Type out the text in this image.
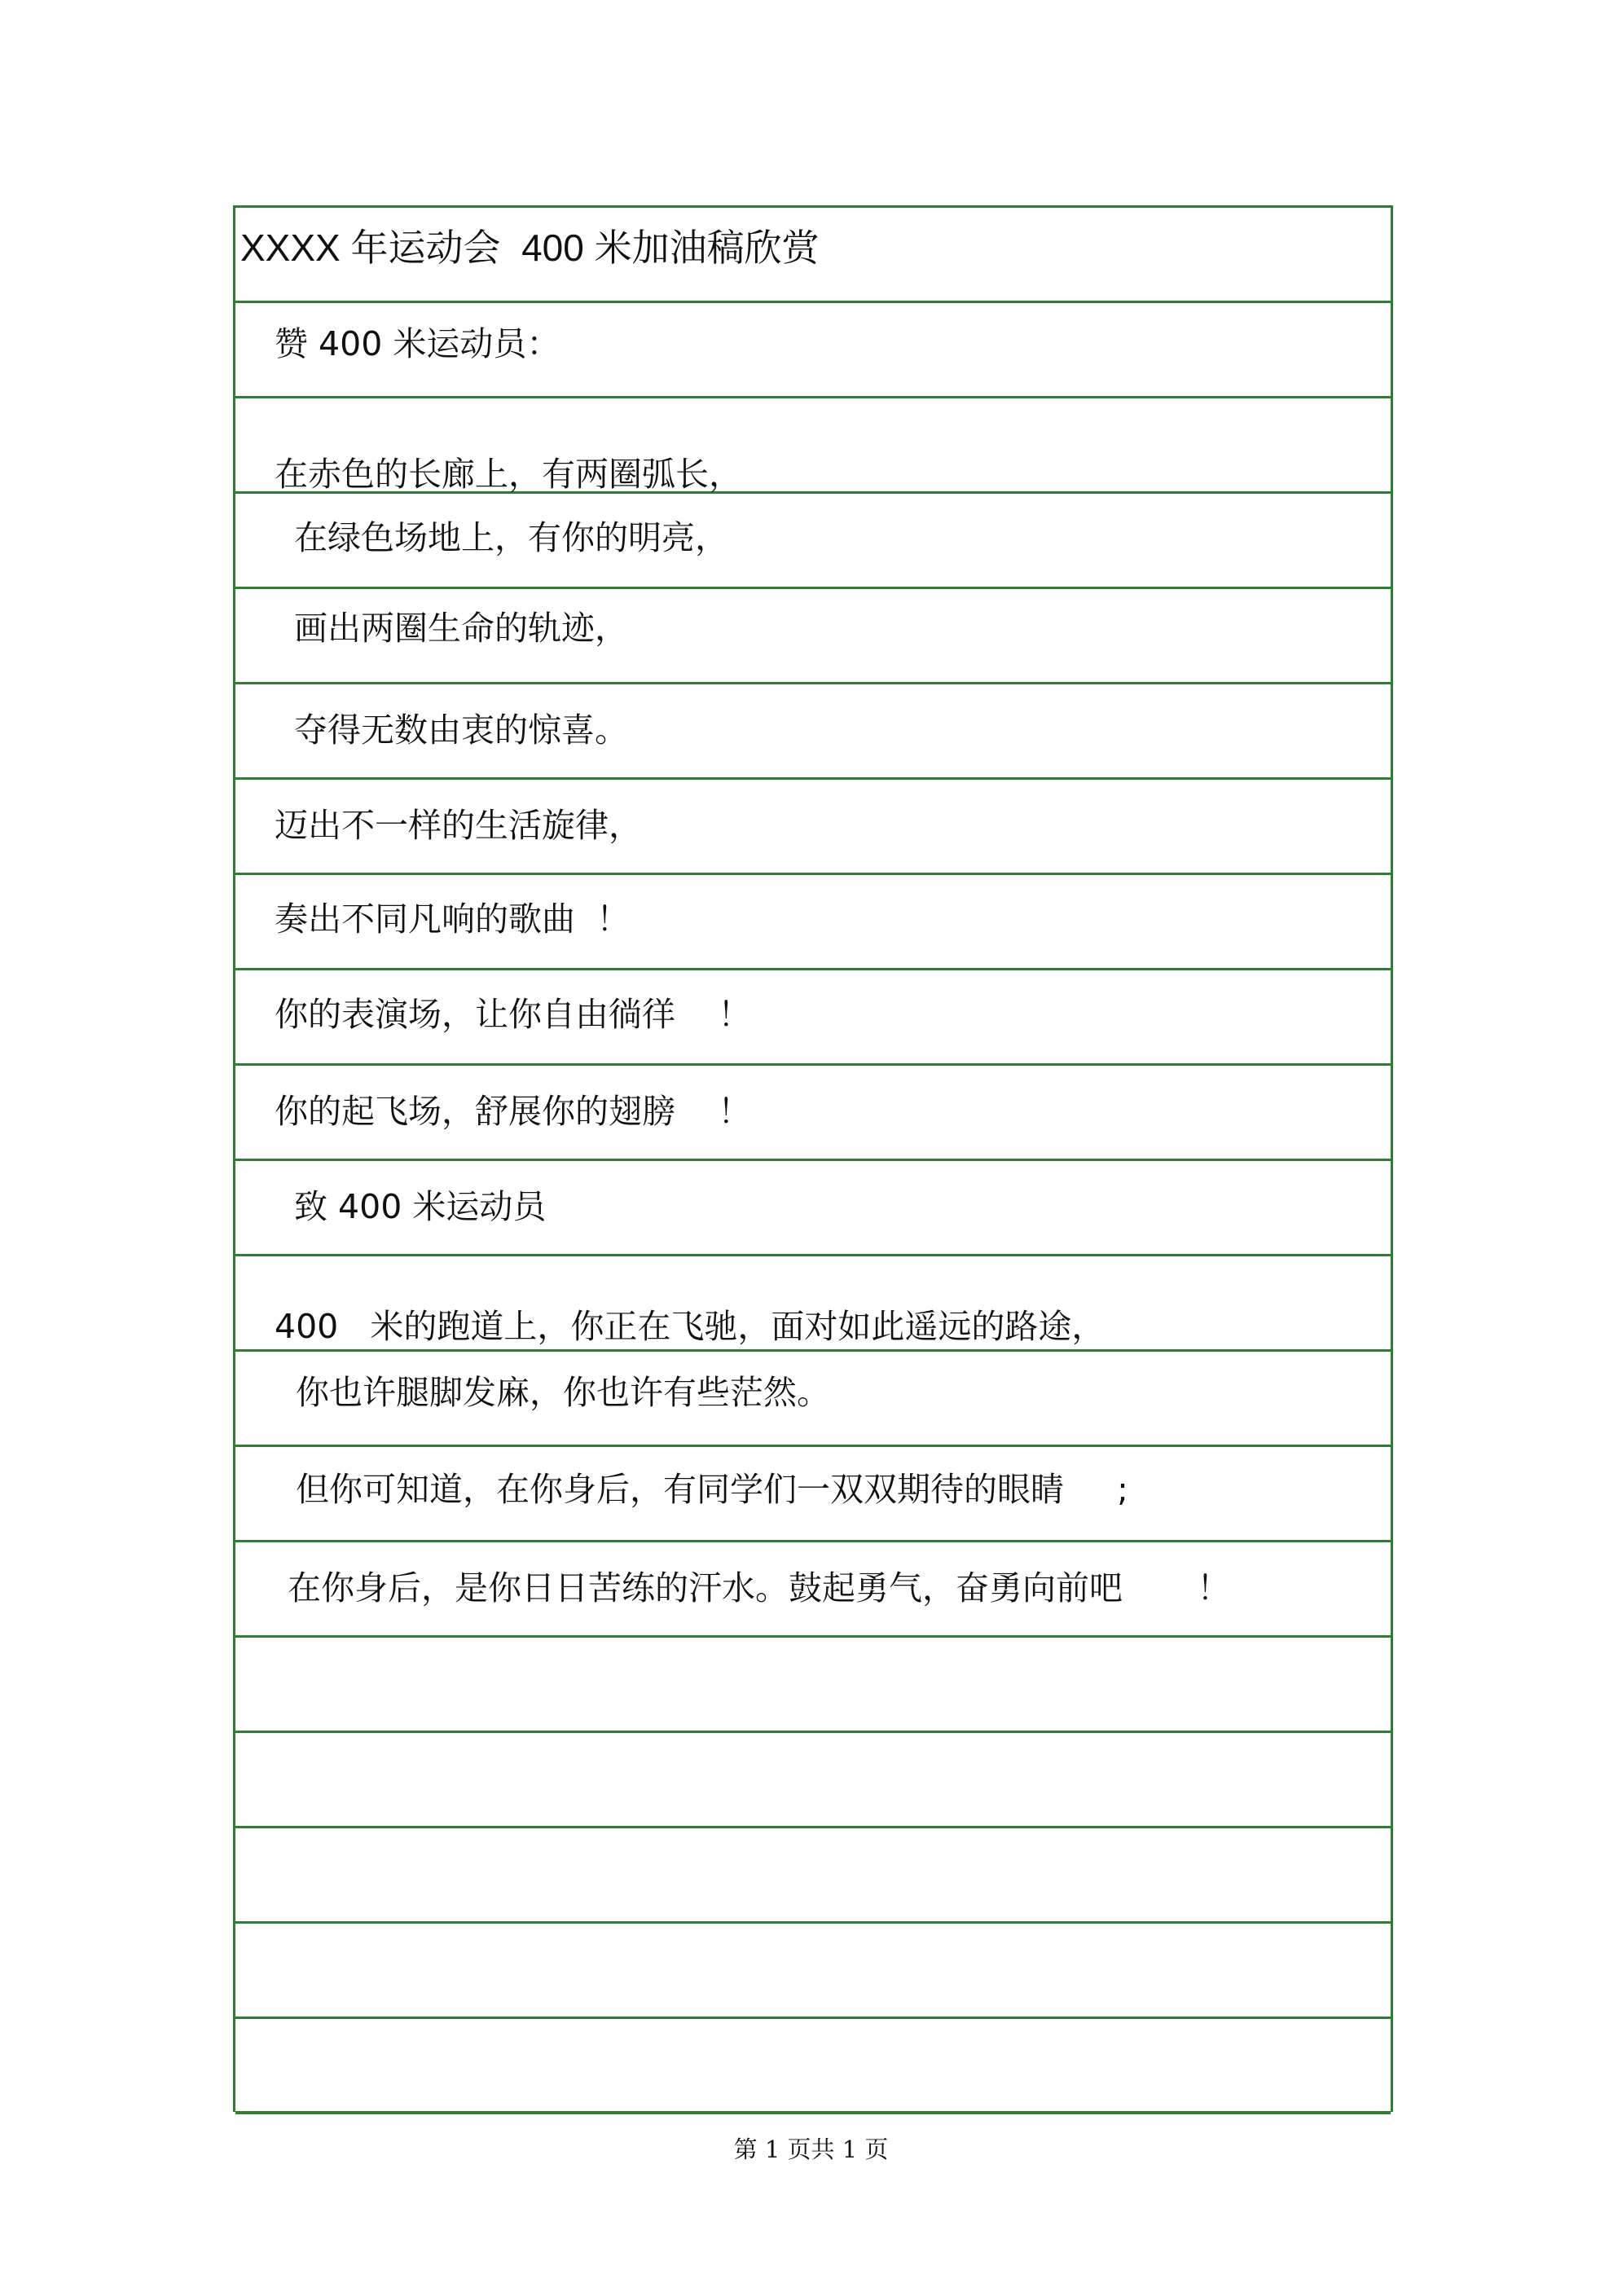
XXXX 年运动会  400 米加油稿欣赏
赞 400 米运动员：
在赤色的长廊上，有两圈弧长，
在绿色场地上，有你的明亮，
画出两圈生命的轨迹，
夺得无数由衷的惊喜。
迈出不一样的生活旋律，
奏出不同凡响的歌曲  ！
你的表演场，让你自由徜徉    ！
你的起飞场，舒展你的翅膀    ！
致 400 米运动员
400   米的跑道上，你正在飞驰，面对如此遥远的路途，
你也许腿脚发麻，你也许有些茫然。
但你可知道，在你身后，有同学们一双双期待的眼睛     ;
在你身后，是你日日苦练的汗水。鼓起勇气，奋勇向前吧       ！
第 1 页共 1 页
